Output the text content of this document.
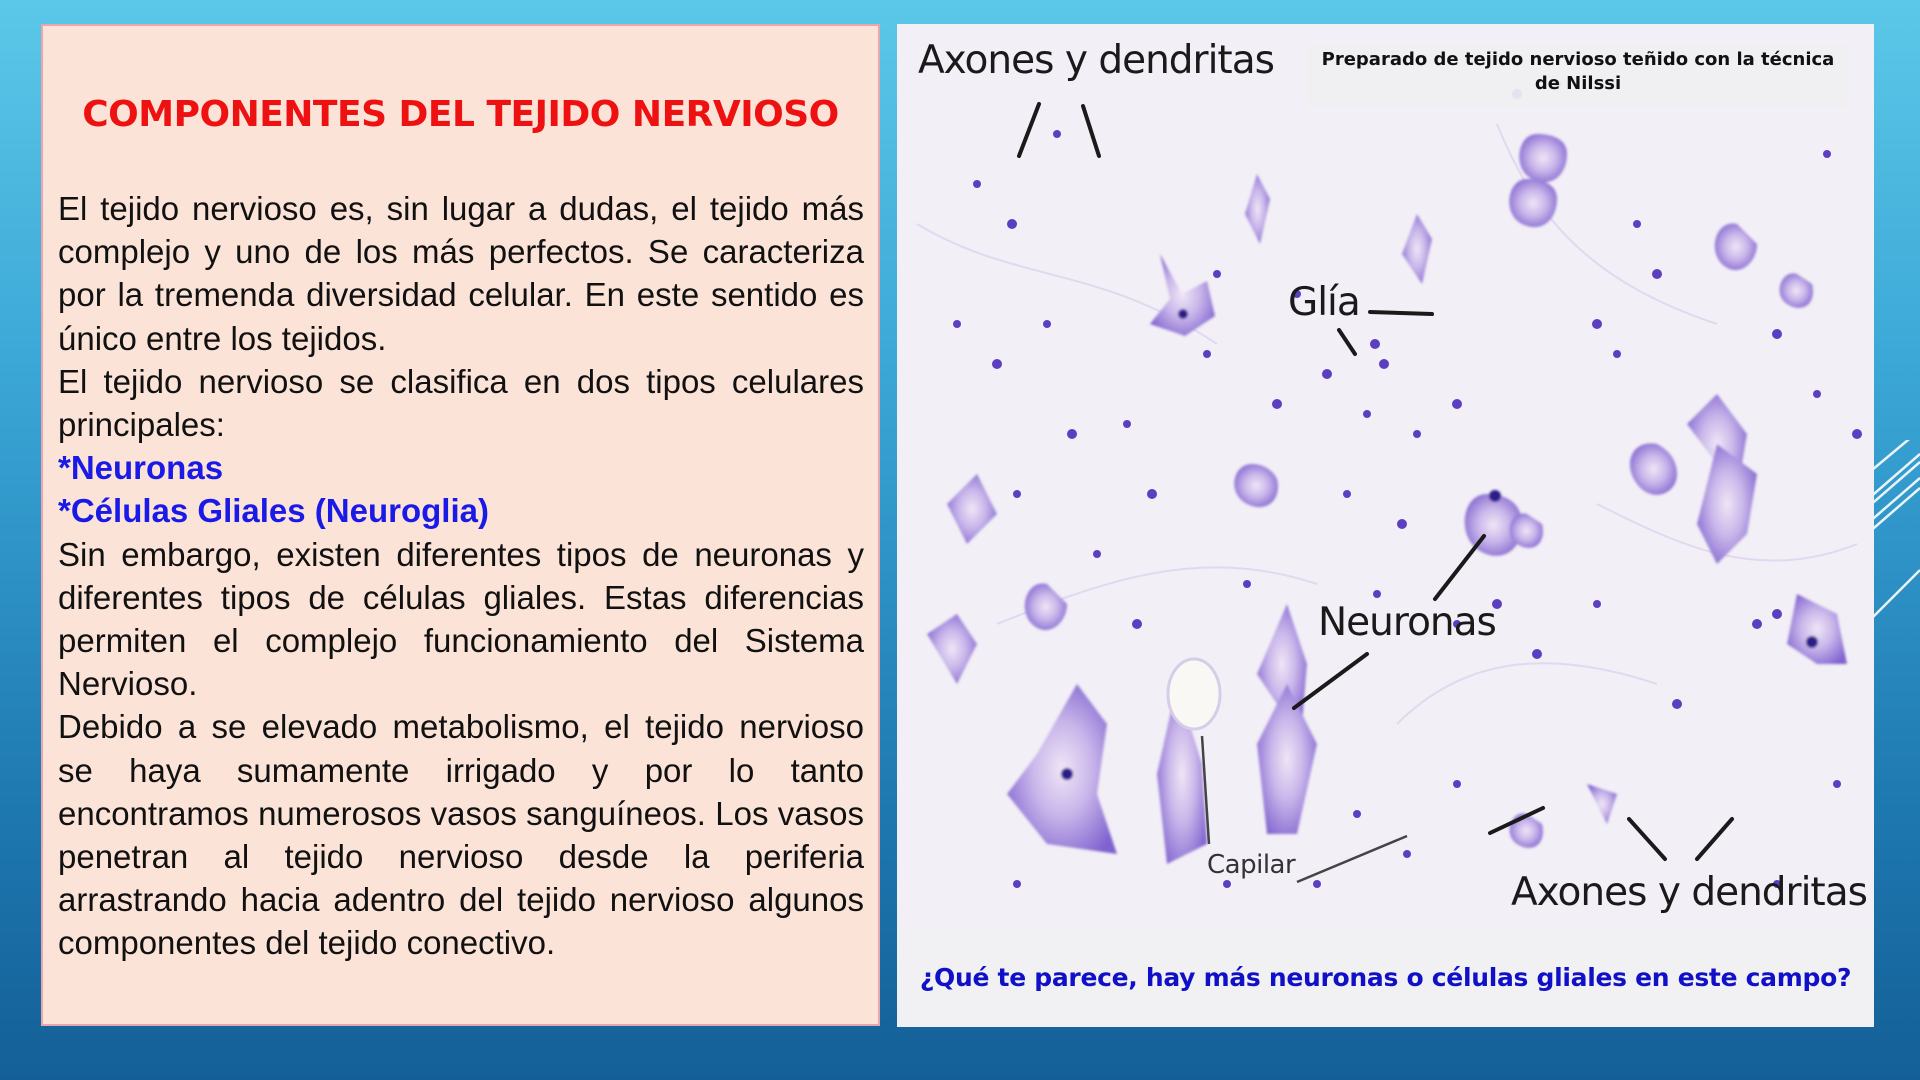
COMPONENTES DEL TEJIDO NERVIOSO

El tejido nervioso es, sin lugar a dudas, el tejido más complejo y uno de los más perfectos. Se caracteriza por la tremenda diversidad celular. En este sentido es único entre los tejidos.

El tejido nervioso se clasifica en dos tipos celulares principales:

*Neuronas

*Células Gliales (Neuroglia)

Sin embargo, existen diferentes tipos de neuronas y diferentes tipos de células gliales. Estas diferencias permiten el complejo funcionamiento del Sistema Nervioso.

Debido a se elevado metabolismo, el tejido nervioso se haya sumamente irrigado y por lo tanto encontramos numerosos vasos sanguíneos. Los vasos penetran al tejido nervioso desde la periferia arrastrando hacia adentro del tejido nervioso algunos componentes del tejido conectivo.

Axones y dendritas
Glía
Neuronas
Capilar
Axones y dendritas
Preparado de tejido nervioso teñido con la técnica de Nilssi
¿Qué te parece, hay más neuronas o células gliales en este campo?
